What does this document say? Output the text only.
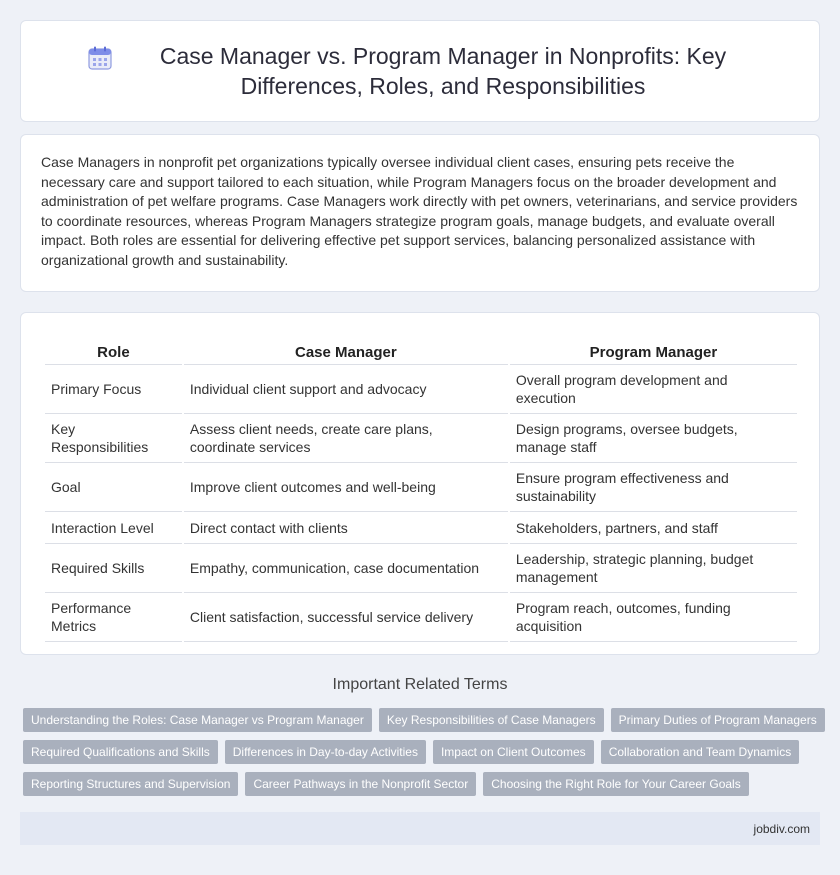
Case Manager vs. Program Manager in Nonprofits: Key Differences, Roles, and Responsibilities

Case Managers in nonprofit pet organizations typically oversee individual client cases, ensuring pets receive the necessary care and support tailored to each situation, while Program Managers focus on the broader development and administration of pet welfare programs. Case Managers work directly with pet owners, veterinarians, and service providers to coordinate resources, whereas Program Managers strategize program goals, manage budgets, and evaluate overall impact. Both roles are essential for delivering effective pet support services, balancing personalized assistance with organizational growth and sustainability.

Role	Case Manager	Program Manager
Primary Focus	Individual client support and advocacy	Overall program development and execution
Key Responsibilities	Assess client needs, create care plans, coordinate services	Design programs, oversee budgets, manage staff
Goal	Improve client outcomes and well-being	Ensure program effectiveness and sustainability
Interaction Level	Direct contact with clients	Stakeholders, partners, and staff
Required Skills	Empathy, communication, case documentation	Leadership, strategic planning, budget management
Performance Metrics	Client satisfaction, successful service delivery	Program reach, outcomes, funding acquisition
Important Related Terms
Understanding the Roles: Case Manager vs Program Manager	Key Responsibilities of Case Managers	Primary Duties of Program Managers
Required Qualifications and Skills	Differences in Day-to-day Activities	Impact on Client Outcomes	Collaboration and Team Dynamics
Reporting Structures and Supervision	Career Pathways in the Nonprofit Sector	Choosing the Right Role for Your Career Goals
jobdiv.com
